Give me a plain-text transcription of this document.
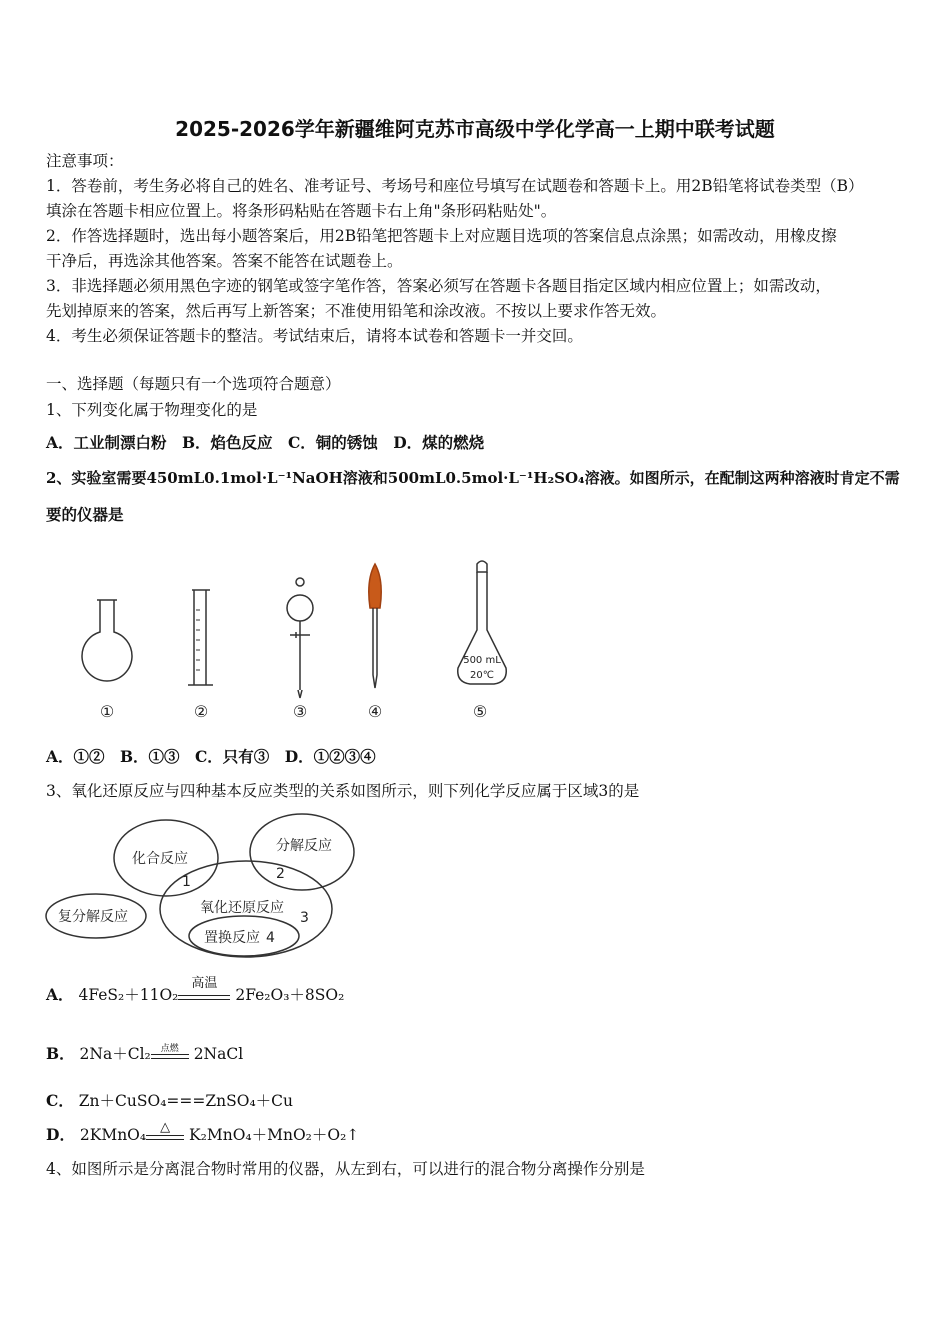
2025-2026学年新疆维阿克苏市高级中学化学高一上期中联考试题
注意事项：
1．答卷前，考生务必将自己的姓名、准考证号、考场号和座位号填写在试题卷和答题卡上。用2B铅笔将试卷类型（B）
填涂在答题卡相应位置上。将条形码粘贴在答题卡右上角"条形码粘贴处"。
2．作答选择题时，选出每小题答案后，用2B铅笔把答题卡上对应题目选项的答案信息点涂黑；如需改动，用橡皮擦
干净后，再选涂其他答案。答案不能答在试题卷上。
3．非选择题必须用黑色字迹的钢笔或签字笔作答，答案必须写在答题卡各题目指定区域内相应位置上；如需改动，
先划掉原来的答案，然后再写上新答案；不准使用铅笔和涂改液。不按以上要求作答无效。
4．考生必须保证答题卡的整洁。考试结束后，请将本试卷和答题卡一并交回。
一、选择题（每题只有一个选项符合题意）
1、下列变化属于物理变化的是
A．工业制漂白粉 B．焰色反应 C．铜的锈蚀 D．煤的燃烧
2、实验室需要450mL0.1mol·L⁻¹NaOH溶液和500mL0.5mol·L⁻¹H₂SO₄溶液。如图所示，在配制这两种溶液时肯定不需
要的仪器是
500 mL
20℃
①	②	③	④	⑤
A．①② B．①③ C．只有③ D．①②③④
3、氧化还原反应与四种基本反应类型的关系如图所示，则下列化学反应属于区域3的是
化合反应
分解反应
复分解反应
氧化还原反应
置换反应
1	2
3
4
A． 4FeS₂＋11O₂
高温
2Fe₂O₃＋8SO₂
B． 2Na＋Cl₂	点燃 2NaCl
C． Zn＋CuSO₄===ZnSO₄＋Cu
D． 2KMnO₄	△	K₂MnO₄＋MnO₂＋O₂↑
4、如图所示是分离混合物时常用的仪器，从左到右，可以进行的混合物分离操作分别是
